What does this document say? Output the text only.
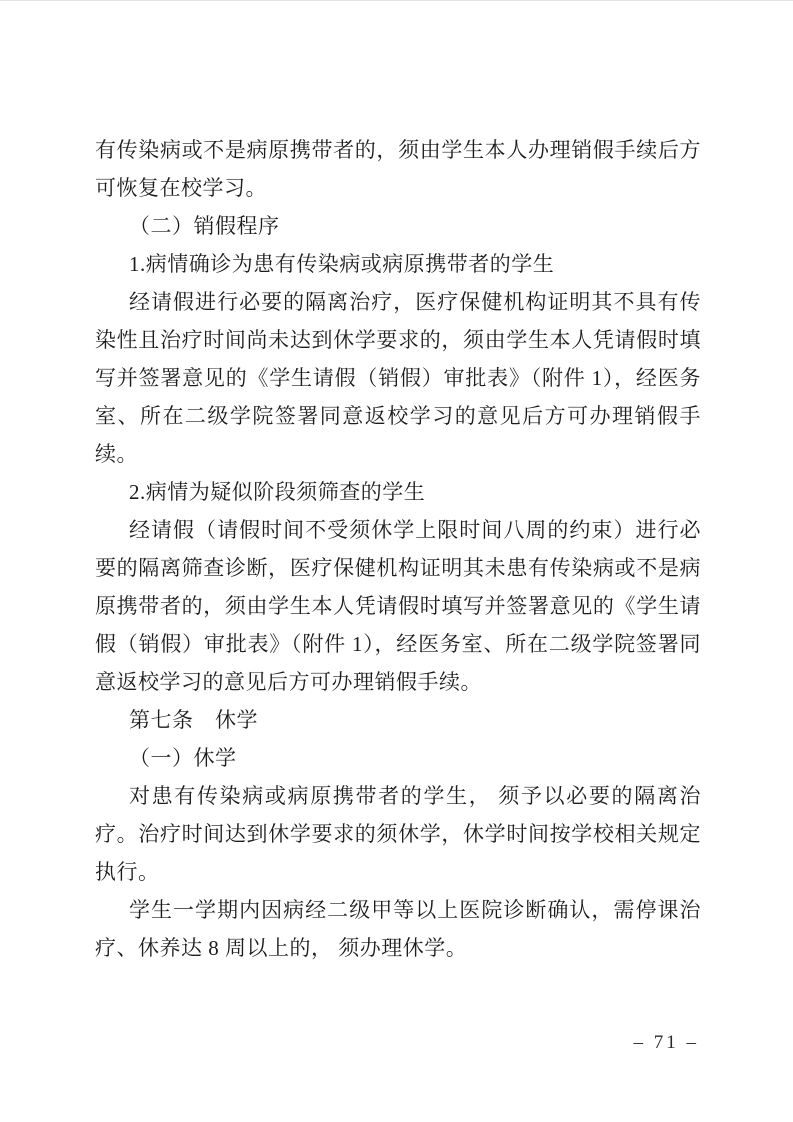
有传染病或不是病原携带者的，须由学生本人办理销假手续后方
可恢复在校学习。
（二）销假程序
1.病情确诊为患有传染病或病原携带者的学生
经请假进行必要的隔离治疗，医疗保健机构证明其不具有传
染性且治疗时间尚未达到休学要求的，须由学生本人凭请假时填
写并签署意见的《学生请假（销假）审批表》（附件 1），经医务
室、所在二级学院签署同意返校学习的意见后方可办理销假手
续。
2.病情为疑似阶段须筛查的学生
经请假（请假时间不受须休学上限时间八周的约束）进行必
要的隔离筛查诊断，医疗保健机构证明其未患有传染病或不是病
原携带者的，须由学生本人凭请假时填写并签署意见的《学生请
假（销假）审批表》（附件 1），经医务室、所在二级学院签署同
意返校学习的意见后方可办理销假手续。
第七条　休学
（一）休学
对患有传染病或病原携带者的学生， 须予以必要的隔离治
疗。治疗时间达到休学要求的须休学，休学时间按学校相关规定
执行。
学生一学期内因病经二级甲等以上医院诊断确认，需停课治
疗、休养达 8 周以上的， 须办理休学。
– 71 –
